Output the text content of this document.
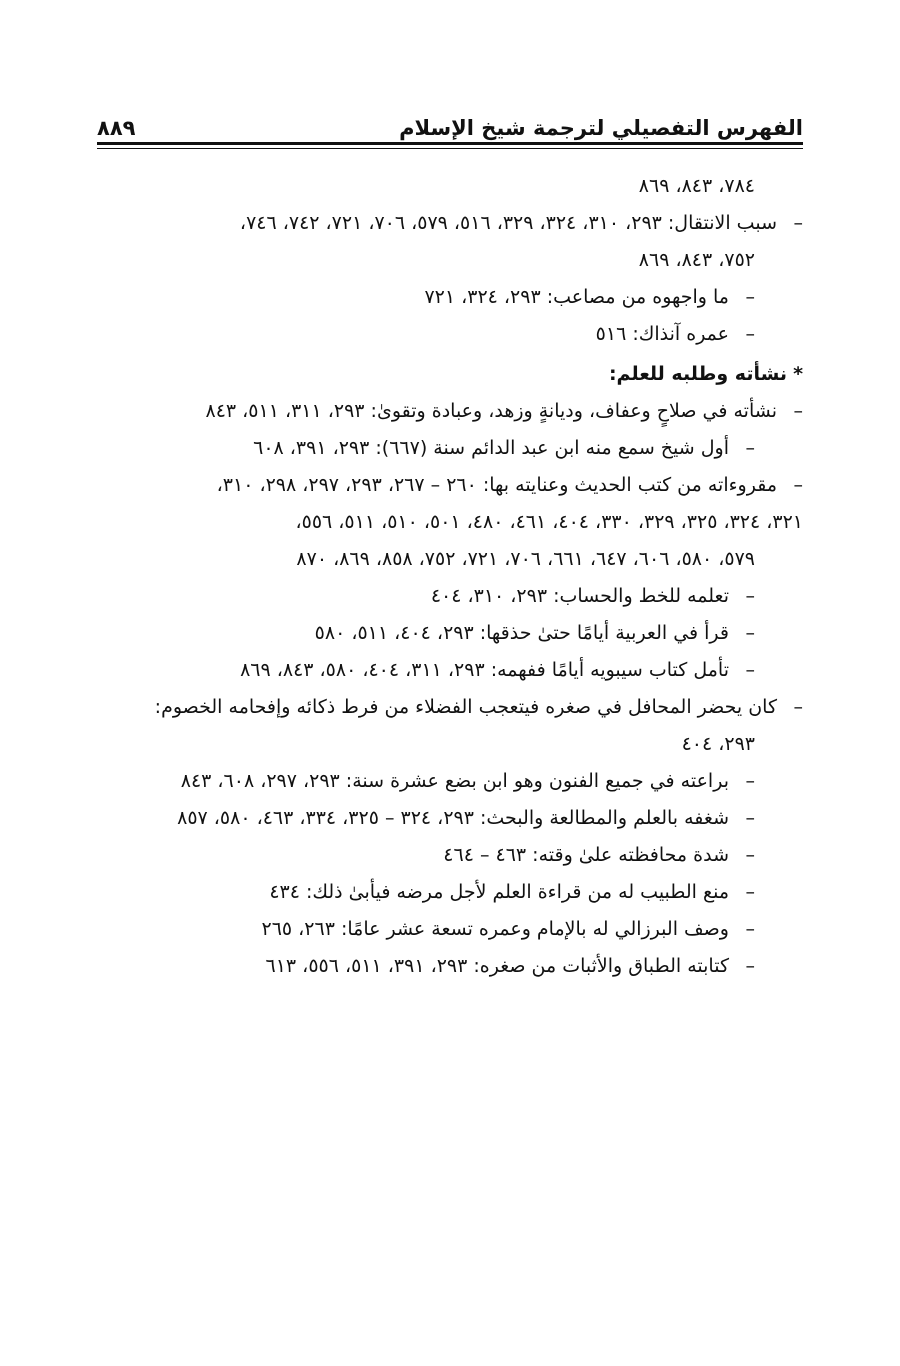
الفهرس التفصيلي لترجمة شيخ الإسلام
٨٨٩
٧٨٤، ٨٤٣، ٨٦٩
–
سبب الانتقال: ٢٩٣، ٣١٠، ٣٢٤، ٣٢٩، ٥١٦، ٥٧٩، ٧٠٦، ٧٢١، ٧٤٢، ٧٤٦،
٧٥٢، ٨٤٣، ٨٦٩
–
ما واجهوه من مصاعب: ٢٩٣، ٣٢٤، ٧٢١
–
عمره آنذاك: ٥١٦
*نشأته وطلبه للعلم:
–
نشأته في صلاحٍ وعفاف، وديانةٍ وزهد، وعبادة وتقوىٰ: ٢٩٣، ٣١١، ٥١١، ٨٤٣
–
أول شيخ سمع منه ابن عبد الدائم سنة (٦٦٧): ٢٩٣، ٣٩١، ٦٠٨
–
مقروءاته من كتب الحديث وعنايته بها: ٢٦٠ – ٢٦٧، ٢٩٣، ٢٩٧، ٢٩٨، ٣١٠،
٣٢١، ٣٢٤، ٣٢٥، ٣٢٩، ٣٣٠، ٤٠٤، ٤٦١، ٤٨٠، ٥٠١، ٥١٠، ٥١١، ٥٥٦،
٥٧٩، ٥٨٠، ٦٠٦، ٦٤٧، ٦٦١، ٧٠٦، ٧٢١، ٧٥٢، ٨٥٨، ٨٦٩، ٨٧٠
–
تعلمه للخط والحساب: ٢٩٣، ٣١٠، ٤٠٤
–
قرأ في العربية أيامًا حتىٰ حذقها: ٢٩٣، ٤٠٤، ٥١١، ٥٨٠
–
تأمل كتاب سيبويه أيامًا ففهمه: ٢٩٣، ٣١١، ٤٠٤، ٥٨٠، ٨٤٣، ٨٦٩
–
كان يحضر المحافل في صغره فيتعجب الفضلاء من فرط ذكائه وإفحامه الخصوم:
٢٩٣، ٤٠٤
–
براعته في جميع الفنون وهو ابن بضع عشرة سنة: ٢٩٣، ٢٩٧، ٦٠٨، ٨٤٣
–
شغفه بالعلم والمطالعة والبحث: ٢٩٣، ٣٢٤ – ٣٢٥، ٣٣٤، ٤٦٣، ٥٨٠، ٨٥٧
–
شدة محافظته علىٰ وقته: ٤٦٣ – ٤٦٤
–
منع الطبيب له من قراءة العلم لأجل مرضه فيأبىٰ ذلك: ٤٣٤
–
وصف البرزالي له بالإمام وعمره تسعة عشر عامًا: ٢٦٣، ٢٦٥
–
كتابته الطباق والأثبات من صغره: ٢٩٣، ٣٩١، ٥١١، ٥٥٦، ٦١٣
